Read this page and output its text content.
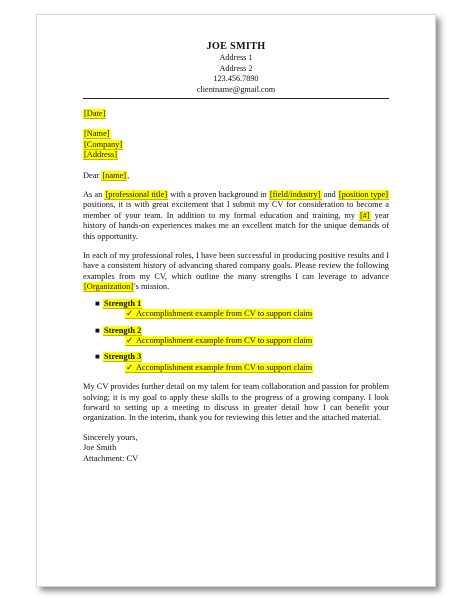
JOE SMITH
Address 1
Address 2
123.456.7890
clientname@gmail.com

[Date]

[Name]

[Company]

[Address]

Dear [name],

As an [professional title] with a proven background in [field/industry] and [position type] positions, it is with great excitement that I submit my CV for consideration to become a member of your team. In addition to my formal education and training, my [#] year history of hands-on experiences makes me an excellent match for the unique demands of this opportunity.

In each of my professional roles, I have been successful in producing positive results and I have a consistent history of advancing shared company goals. Please review the following examples from my CV, which outline the many strengths I can leverage to advance [Organization]'s mission.

■ Strength 1
✓ Accomplishment example from CV to support claim
■ Strength 2
✓ Accomplishment example from CV to support claim
■ Strength 3
✓ Accomplishment example from CV to support claim

My CV provides further detail on my talent for team collaboration and passion for problem solving; it is my goal to apply these skills to the progress of a growing company. I look forward to setting up a meeting to discuss in greater detail how I can benefit your organization. In the interim, thank you for reviewing this letter and the attached material.

Sincerely yours,

Joe Smith

Attachment: CV
